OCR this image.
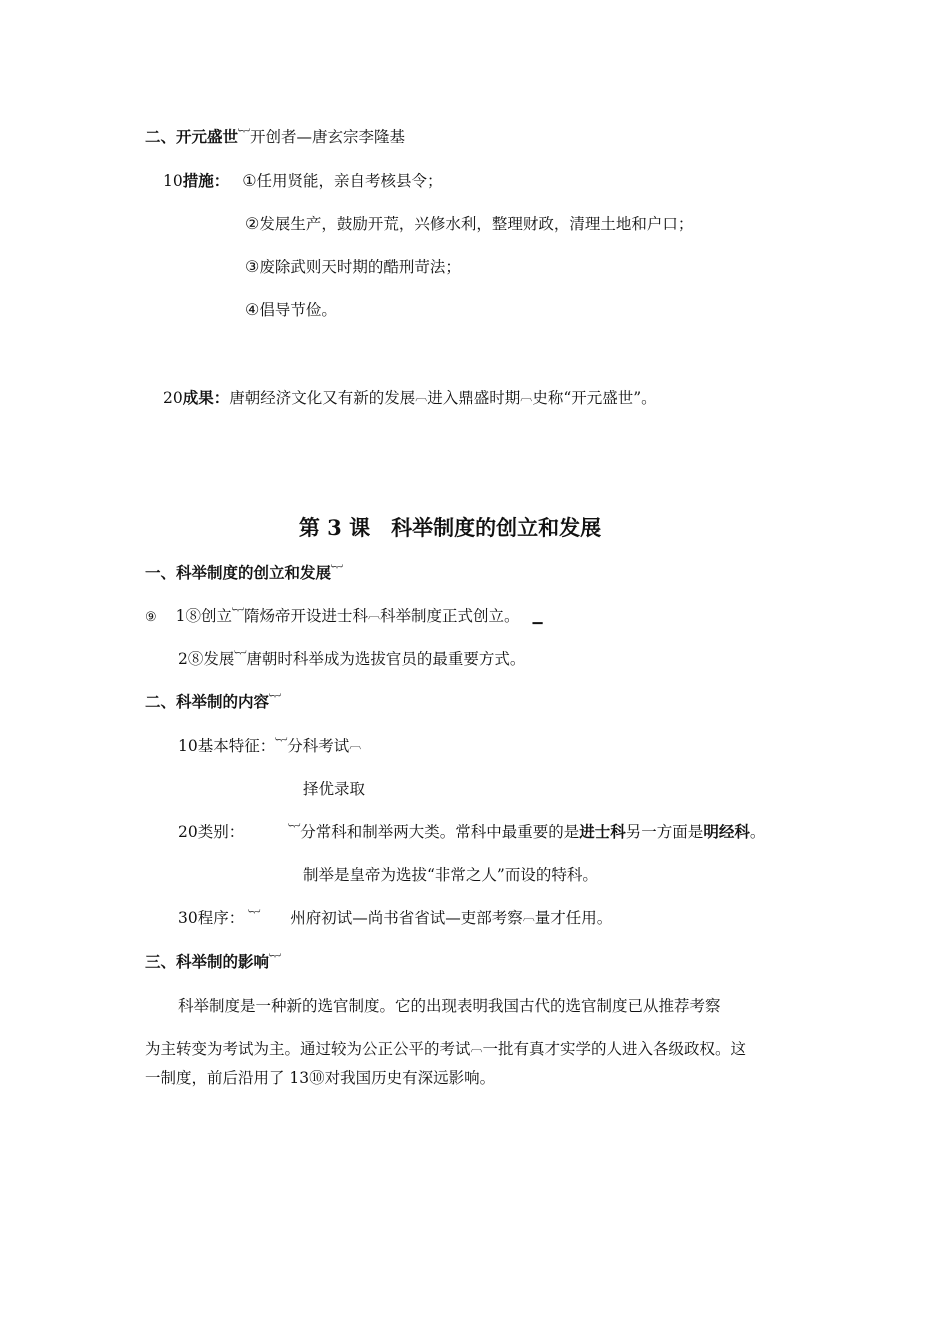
二、开元盛世︸开创者—唐玄宗李隆基
10措施： ①任用贤能，亲自考核县令；
②发展生产，鼓励开荒，兴修水利，整理财政，清理土地和户口；
③废除武则天时期的酷刑苛法；
④倡导节俭。
20成果：唐朝经济文化又有新的发展︹进入鼎盛时期︹史称“开元盛世”。
第 3 课　科举制度的创立和发展
一、科举制度的创立和发展︸
⑨ 1⑧创立︸隋炀帝开设进士科︹科举制度正式创立。 ▁
2⑧发展︸唐朝时科举成为选拔官员的最重要方式。
二、科举制的内容︸
10基本特征：︸分科考试︹
择优录取
20类别：	︸分常科和制举两大类。常科中最重要的是进士科另一方面是明经科。
制举是皇帝为选拔“非常之人”而设的特科。
30程序： ︸ 州府初试—尚书省省试—吏部考察︹量才任用。
三、科举制的影响︸
科举制度是一种新的选官制度。它的出现表明我国古代的选官制度已从推荐考察
为主转变为考试为主。通过较为公正公平的考试︹一批有真才实学的人进入各级政权。这
一制度，前后沿用了 13⑩对我国历史有深远影响。
